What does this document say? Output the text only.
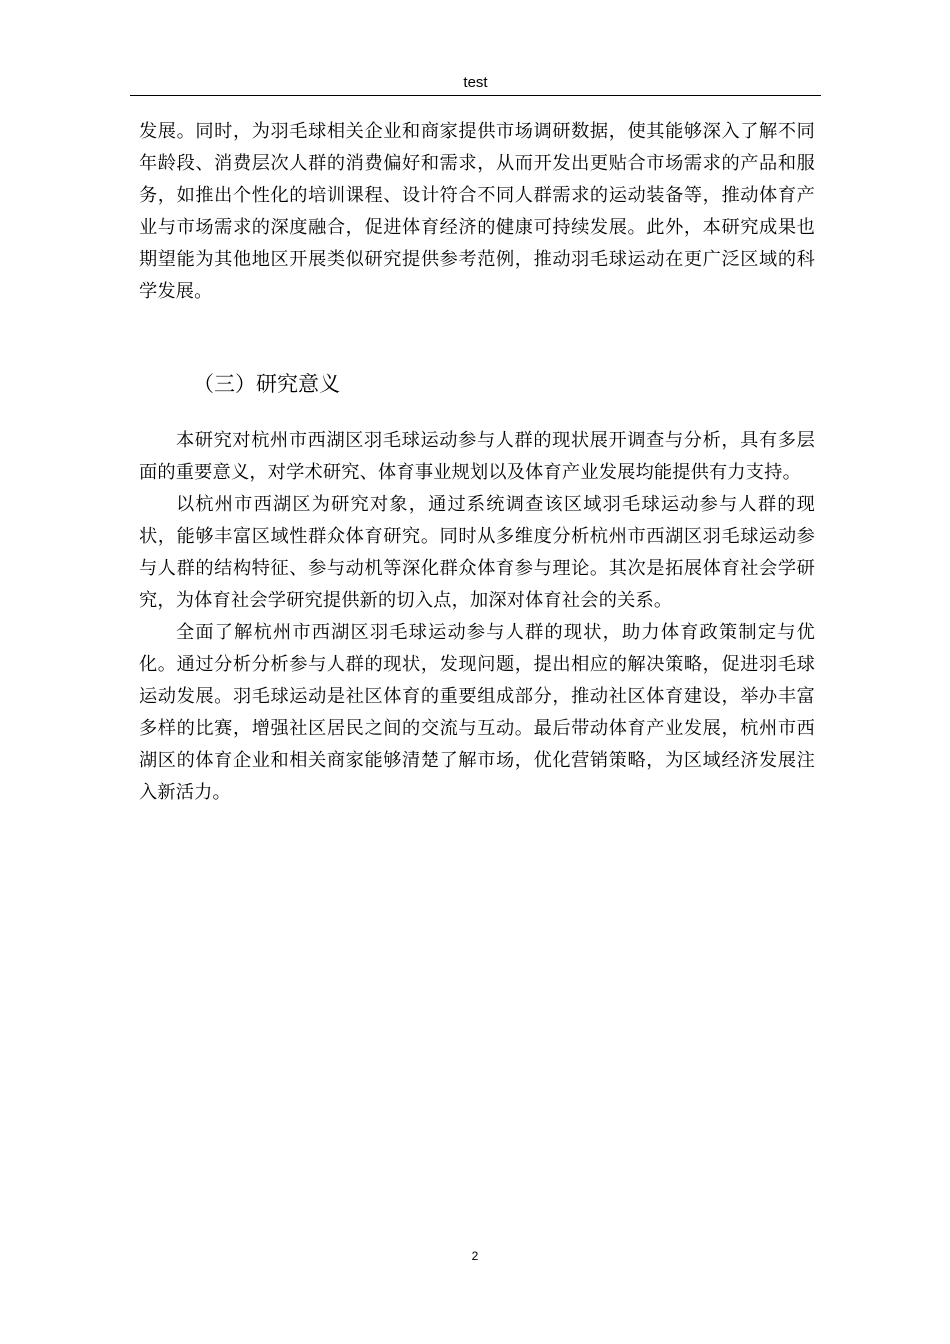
test

发展。同时，为羽毛球相关企业和商家提供市场调研数据，使其能够深入了解不同年龄段、消费层次人群的消费偏好和需求，从而开发出更贴合市场需求的产品和服务，如推出个性化的培训课程、设计符合不同人群需求的运动装备等，推动体育产业与市场需求的深度融合，促进体育经济的健康可持续发展。此外，本研究成果也期望能为其他地区开展类似研究提供参考范例，推动羽毛球运动在更广泛区域的科学发展。

（三）研究意义

本研究对杭州市西湖区羽毛球运动参与人群的现状展开调查与分析，具有多层面的重要意义，对学术研究、体育事业规划以及体育产业发展均能提供有力支持。

以杭州市西湖区为研究对象，通过系统调查该区域羽毛球运动参与人群的现状，能够丰富区域性群众体育研究。同时从多维度分析杭州市西湖区羽毛球运动参与人群的结构特征、参与动机等深化群众体育参与理论。其次是拓展体育社会学研究，为体育社会学研究提供新的切入点，加深对体育社会的关系。

全面了解杭州市西湖区羽毛球运动参与人群的现状，助力体育政策制定与优化。通过分析分析参与人群的现状，发现问题，提出相应的解决策略，促进羽毛球运动发展。羽毛球运动是社区体育的重要组成部分，推动社区体育建设，举办丰富多样的比赛，增强社区居民之间的交流与互动。最后带动体育产业发展，杭州市西湖区的体育企业和相关商家能够清楚了解市场，优化营销策略，为区域经济发展注入新活力。

2
